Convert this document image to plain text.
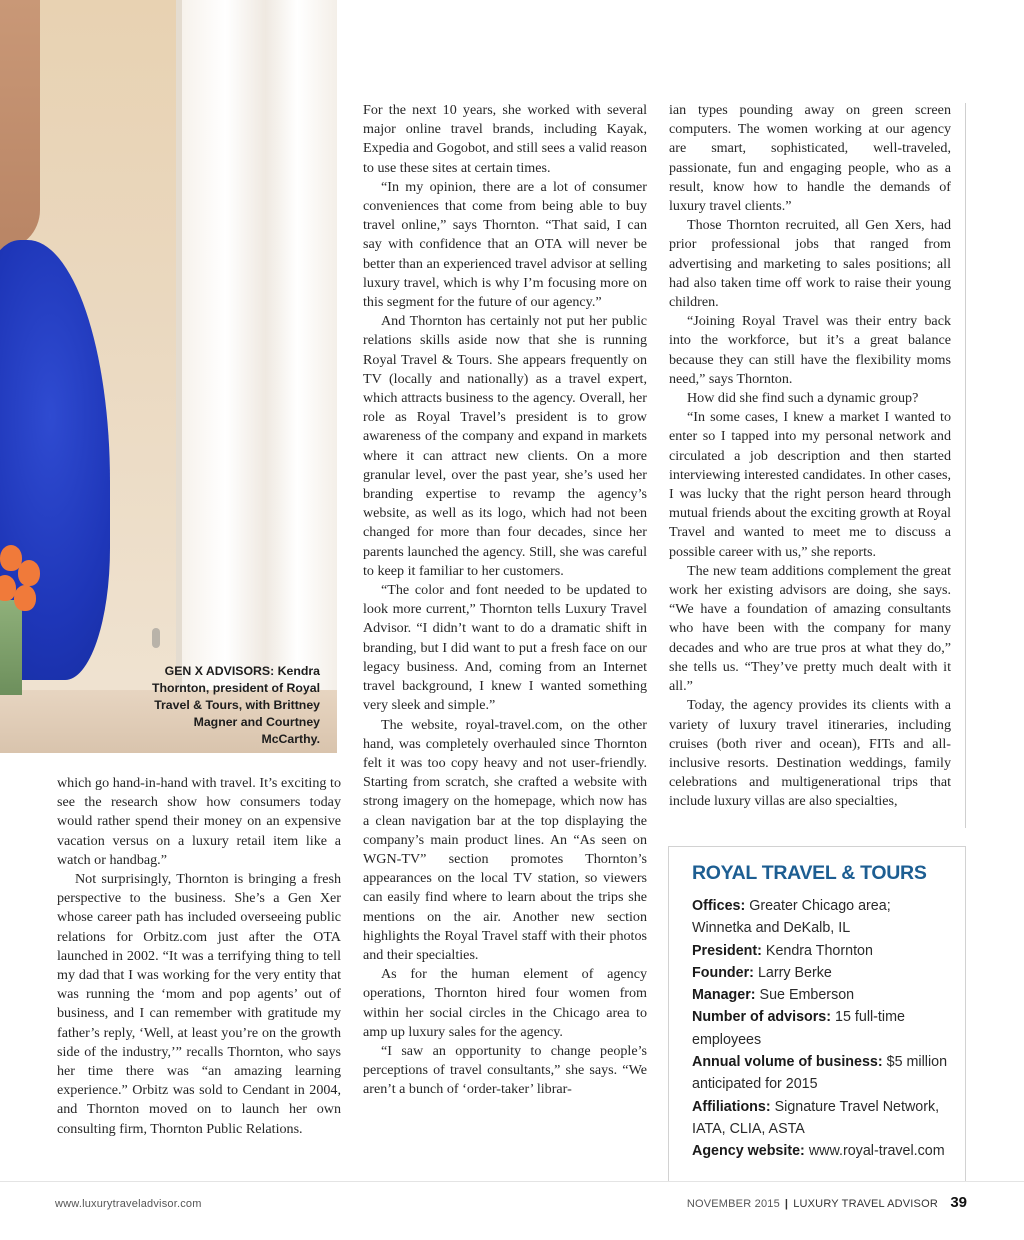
GEN X ADVISORS: Kendra Thornton, president of Royal Travel & Tours, with Brittney Magner and Courtney McCarthy.

which go hand-in-hand with travel. It’s exciting to see the research show how consumers today would rather spend their money on an expensive vacation versus on a luxury retail item like a watch or handbag.”

Not surprisingly, Thornton is bringing a fresh perspective to the business. She’s a Gen Xer whose career path has included overseeing public relations for Orbitz.com just after the OTA launched in 2002. “It was a terrifying thing to tell my dad that I was working for the very entity that was running the ‘mom and pop agents’ out of business, and I can remember with gratitude my father’s reply, ‘Well, at least you’re on the growth side of the industry,’” recalls Thornton, who says her time there was “an amazing learning experience.” Orbitz was sold to Cendant in 2004, and Thornton moved on to launch her own consulting firm, Thornton Public Relations.

For the next 10 years, she worked with several major online travel brands, including Kayak, Expedia and Gogobot, and still sees a valid reason to use these sites at certain times.

“In my opinion, there are a lot of consumer conveniences that come from being able to buy travel online,” says Thornton. “That said, I can say with confidence that an OTA will never be better than an experienced travel advisor at selling luxury travel, which is why I’m focusing more on this segment for the future of our agency.”

And Thornton has certainly not put her public relations skills aside now that she is running Royal Travel & Tours. She appears frequently on TV (locally and nationally) as a travel expert, which attracts business to the agency. Overall, her role as Royal Travel’s president is to grow awareness of the company and expand in markets where it can attract new clients. On a more granular level, over the past year, she’s used her branding expertise to revamp the agency’s website, as well as its logo, which had not been changed for more than four decades, since her parents launched the agency. Still, she was careful to keep it familiar to her customers.

“The color and font needed to be updated to look more current,” Thornton tells Luxury Travel Advisor. “I didn’t want to do a dramatic shift in branding, but I did want to put a fresh face on our legacy business. And, coming from an Internet travel background, I knew I wanted something very sleek and simple.”

The website, royal-travel.com, on the other hand, was completely overhauled since Thornton felt it was too copy heavy and not user-friendly. Starting from scratch, she crafted a website with strong imagery on the homepage, which now has a clean navigation bar at the top displaying the company’s main product lines. An “As seen on WGN-TV” section promotes Thornton’s appearances on the local TV station, so viewers can easily find where to learn about the trips she mentions on the air. Another new section highlights the Royal Travel staff with their photos and their specialties.

As for the human element of agency operations, Thornton hired four women from within her social circles in the Chicago area to amp up luxury sales for the agency.

“I saw an opportunity to change people’s perceptions of travel consultants,” she says. “We aren’t a bunch of ‘order-taker’ librar-

ian types pounding away on green screen computers. The women working at our agency are smart, sophisticated, well-traveled, passionate, fun and engaging people, who as a result, know how to handle the demands of luxury travel clients.”

Those Thornton recruited, all Gen Xers, had prior professional jobs that ranged from advertising and marketing to sales positions; all had also taken time off work to raise their young children.

“Joining Royal Travel was their entry back into the workforce, but it’s a great balance because they can still have the flexibility moms need,” says Thornton.

How did she find such a dynamic group?

“In some cases, I knew a market I wanted to enter so I tapped into my personal network and circulated a job description and then started interviewing interested candidates. In other cases, I was lucky that the right person heard through mutual friends about the exciting growth at Royal Travel and wanted to meet me to discuss a possible career with us,” she reports.

The new team additions complement the great work her existing advisors are doing, she says. “We have a foundation of amazing consultants who have been with the company for many decades and who are true pros at what they do,” she tells us. “They’ve pretty much dealt with it all.”

Today, the agency provides its clients with a variety of luxury travel itineraries, including cruises (both river and ocean), FITs and all-inclusive resorts. Destination weddings, family celebrations and multigenerational trips that include luxury villas are also specialties,

ROYAL TRAVEL & TOURS
Offices: Greater Chicago area; Winnetka and DeKalb, IL
President: Kendra Thornton
Founder: Larry Berke
Manager: Sue Emberson
Number of advisors: 15 full-time employees
Annual volume of business: $5 million anticipated for 2015
Affiliations: Signature Travel Network, IATA, CLIA, ASTA
Agency website: www.royal-travel.com
www.luxurytraveladvisor.com	NOVEMBER 2015 | LUXURY TRAVEL ADVISOR 39
